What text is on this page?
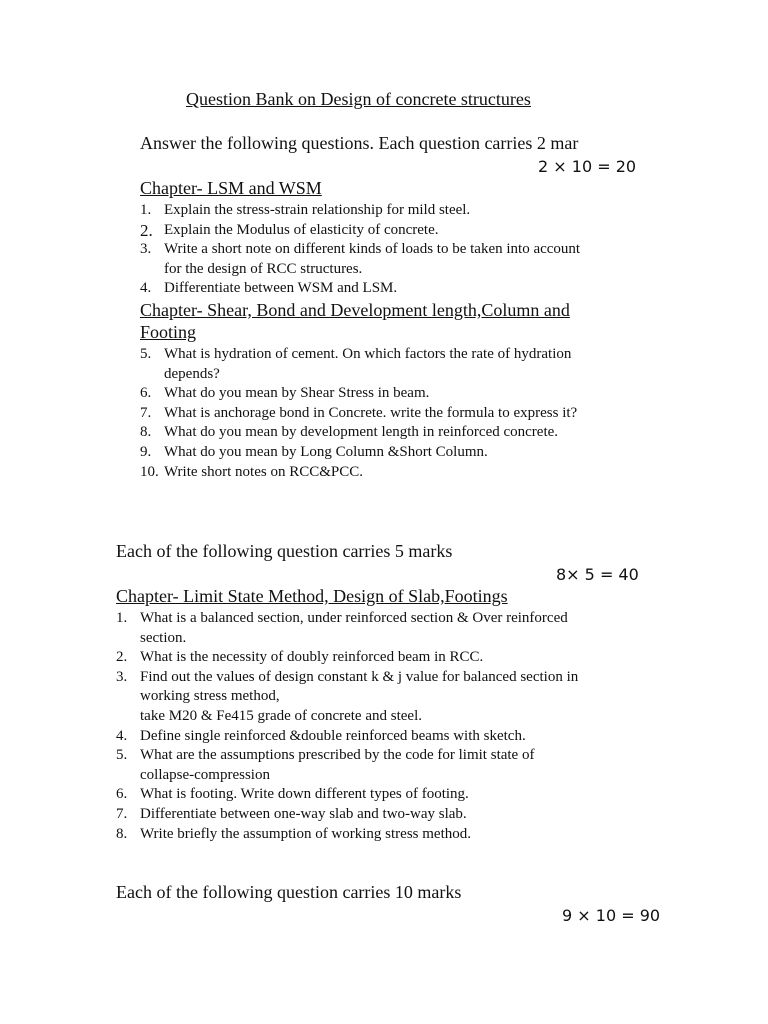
Question Bank on Design of concrete structures
Answer the following questions. Each question carries 2 mar
2 × 10 = 20
Chapter- LSM and WSM
1. Explain the stress-strain relationship for mild steel.
2. Explain the Modulus of elasticity of concrete.
3. Write a short note on different kinds of loads to be taken into account
for the design of RCC structures.
4. Differentiate between WSM and LSM.
Chapter- Shear, Bond and Development length,Column and
Footing
5. What is hydration of cement. On which factors the rate of hydration
depends?
6. What do you mean by Shear Stress in beam.
7. What is anchorage bond in Concrete. write the formula to express it?
8. What do you mean by development length in reinforced concrete.
9. What do you mean by Long Column &Short Column.
10. Write short notes on RCC&PCC.
Each of the following question carries 5 marks
8× 5 = 40
Chapter- Limit State Method, Design of Slab,Footings
1. What is a balanced section, under reinforced section & Over reinforced
section.
2. What is the necessity of doubly reinforced beam in RCC.
3. Find out the values of design constant k & j value for balanced section in
working stress method,
take M20 & Fe415 grade of concrete and steel.
4. Define single reinforced &double reinforced beams with sketch.
5. What are the assumptions prescribed by the code for limit state of
collapse-compression
6. What is footing. Write down different types of footing.
7. Differentiate between one-way slab and two-way slab.
8. Write briefly the assumption of working stress method.
Each of the following question carries 10 marks
9 × 10 = 90
